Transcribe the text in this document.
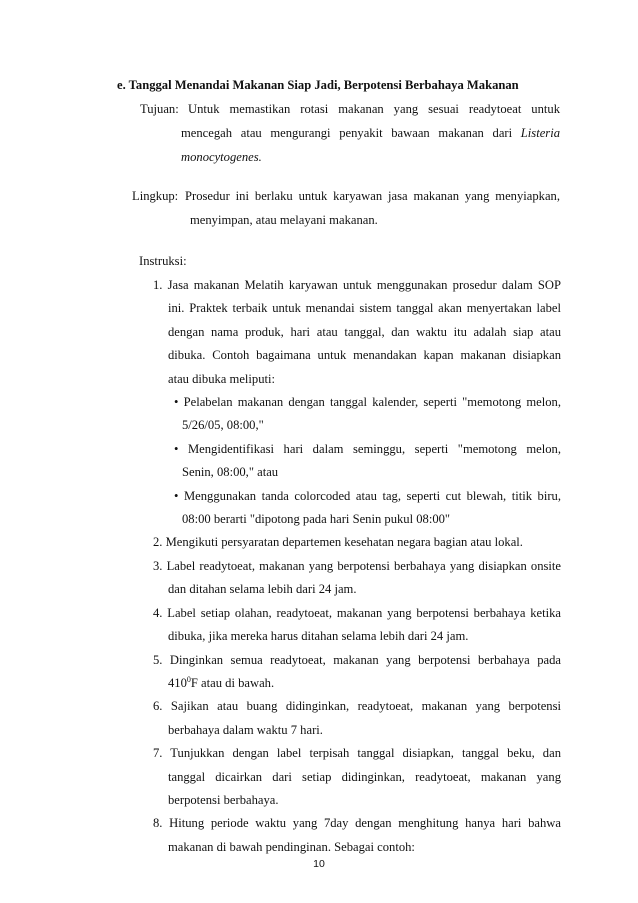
e. Tanggal Menandai Makanan Siap Jadi, Berpotensi Berbahaya Makanan
Tujuan: Untuk memastikan rotasi makanan yang sesuai readytoeat untuk
mencegah atau mengurangi penyakit bawaan makanan dari Listeria
monocytogenes.
Lingkup: Prosedur ini berlaku untuk karyawan jasa makanan yang menyiapkan,
menyimpan, atau melayani makanan.
Instruksi:
1. Jasa makanan Melatih karyawan untuk menggunakan prosedur dalam SOP
ini. Praktek terbaik untuk menandai sistem tanggal akan menyertakan label
dengan nama produk, hari atau tanggal, dan waktu itu adalah siap atau
dibuka. Contoh bagaimana untuk menandakan kapan makanan disiapkan
atau dibuka meliputi:
• Pelabelan makanan dengan tanggal kalender, seperti "memotong melon,
5/26/05, 08:00,"
• Mengidentifikasi hari dalam seminggu, seperti "memotong melon,
Senin, 08:00," atau
• Menggunakan tanda colorcoded atau tag, seperti cut blewah, titik biru,
08:00 berarti "dipotong pada hari Senin pukul 08:00"
2. Mengikuti persyaratan departemen kesehatan negara bagian atau lokal.
3. Label readytoeat, makanan yang berpotensi berbahaya yang disiapkan onsite
dan ditahan selama lebih dari 24 jam.
4. Label setiap olahan, readytoeat, makanan yang berpotensi berbahaya ketika
dibuka, jika mereka harus ditahan selama lebih dari 24 jam.
5. Dinginkan semua readytoeat, makanan yang berpotensi berbahaya pada
$410^0F$ atau di bawah.
6. Sajikan atau buang didinginkan, readytoeat, makanan yang berpotensi
berbahaya dalam waktu 7 hari.
7. Tunjukkan dengan label terpisah tanggal disiapkan, tanggal beku, dan
tanggal dicairkan dari setiap didinginkan, readytoeat, makanan yang
berpotensi berbahaya.
8. Hitung periode waktu yang 7day dengan menghitung hanya hari bahwa
makanan di bawah pendinginan. Sebagai contoh:
10
